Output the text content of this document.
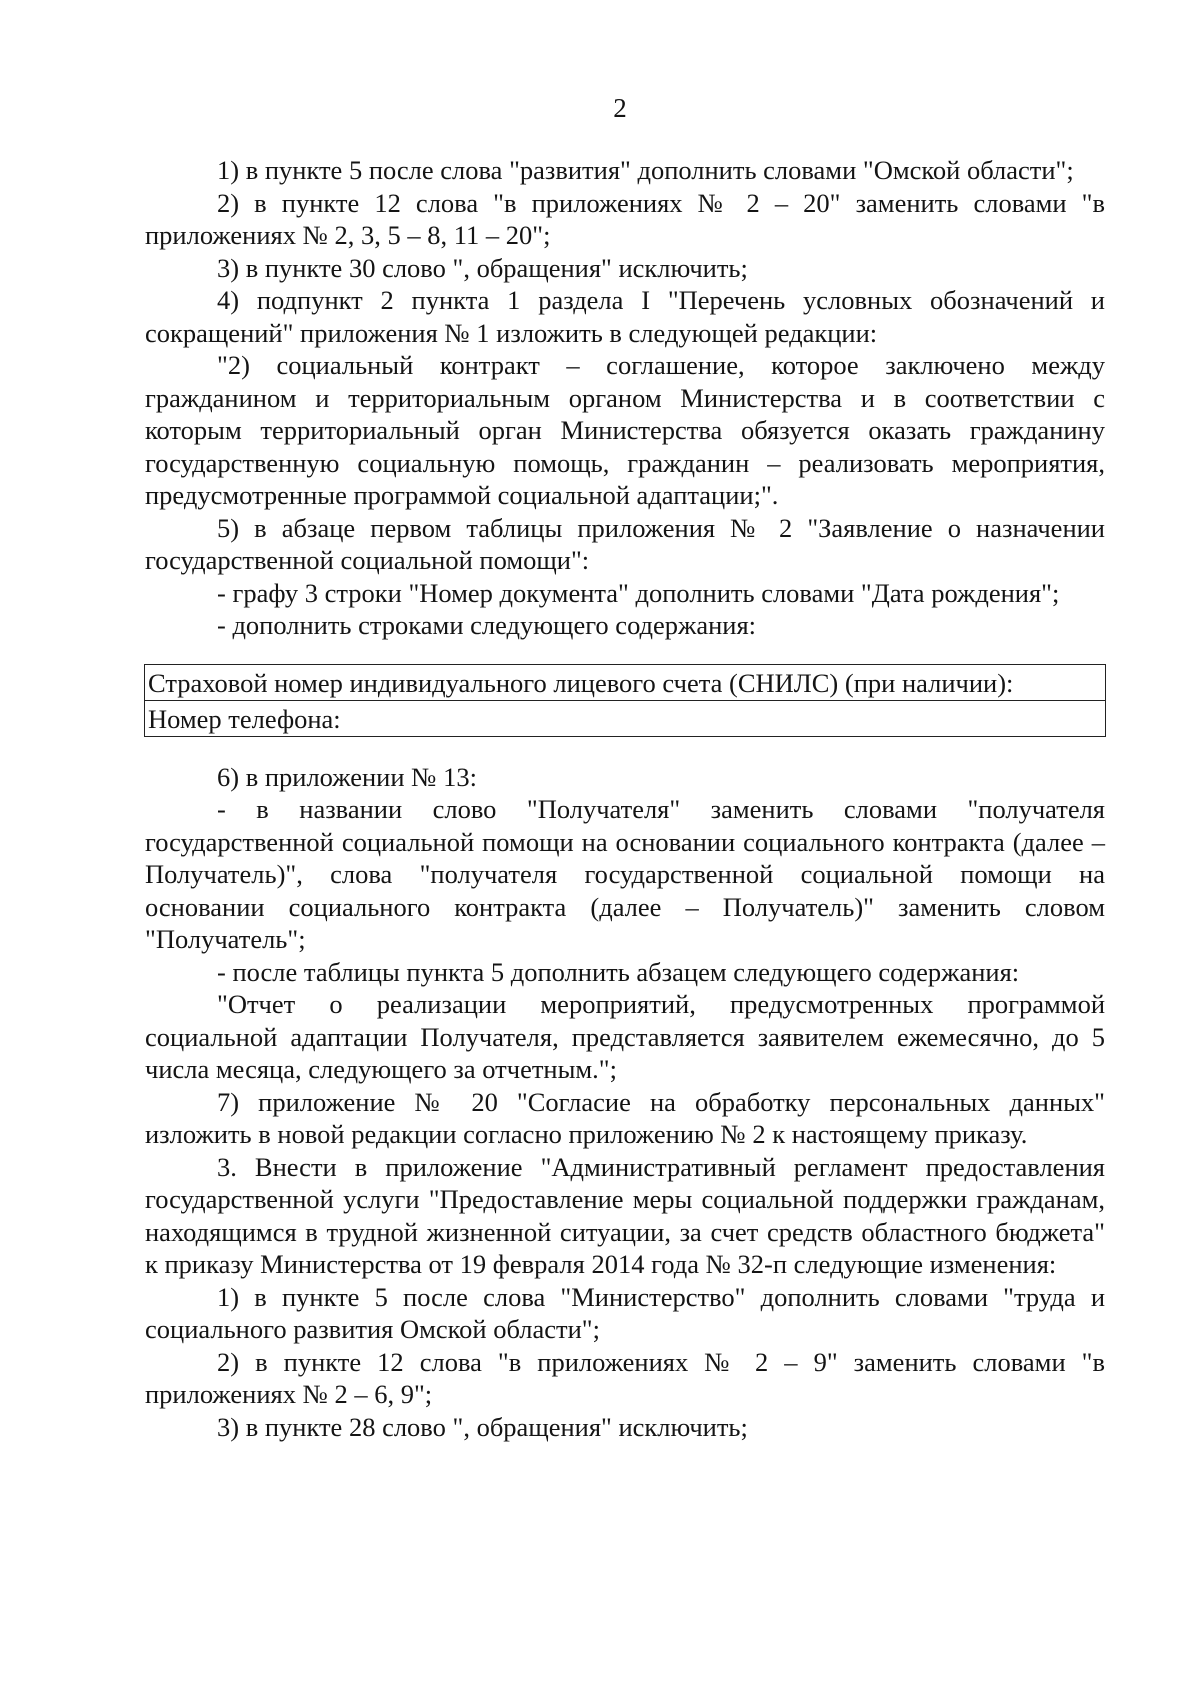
2

1) в пункте 5 после слова "развития" дополнить словами "Омской области";

2) в пункте 12 слова "в приложениях № 2 – 20" заменить словами "в приложениях № 2, 3, 5 – 8, 11 – 20";

3) в пункте 30 слово ", обращения" исключить;

4) подпункт 2 пункта 1 раздела I "Перечень условных обозначений и сокращений" приложения № 1 изложить в следующей редакции:

"2) социальный контракт – соглашение, которое заключено между гражданином и территориальным органом Министерства и в соответствии с которым территориальный орган Министерства обязуется оказать гражданину государственную социальную помощь, гражданин – реализовать мероприятия, предусмотренные программой социальной адаптации;".

5) в абзаце первом таблицы приложения № 2 "Заявление о назначении государственной социальной помощи":

- графу 3 строки "Номер документа" дополнить словами "Дата рождения";

- дополнить строками следующего содержания:

Страховой номер индивидуального лицевого счета (СНИЛС) (при наличии):
Номер телефона:

6) в приложении № 13:

- в названии слово "Получателя" заменить словами "получателя государственной социальной помощи на основании социального контракта (далее – Получатель)", слова "получателя государственной социальной помощи на основании социального контракта (далее – Получатель)" заменить словом "Получатель";

- после таблицы пункта 5 дополнить абзацем следующего содержания:

"Отчет о реализации мероприятий, предусмотренных программой социальной адаптации Получателя, представляется заявителем ежемесячно, до 5 числа месяца, следующего за отчетным.";

7) приложение № 20 "Согласие на обработку персональных данных" изложить в новой редакции согласно приложению № 2 к настоящему приказу.

3. Внести в приложение "Административный регламент предоставления государственной услуги "Предоставление меры социальной поддержки гражданам, находящимся в трудной жизненной ситуации, за счет средств областного бюджета" к приказу Министерства от 19 февраля 2014 года № 32-п следующие изменения:

1) в пункте 5 после слова "Министерство" дополнить словами "труда и социального развития Омской области";

2) в пункте 12 слова "в приложениях № 2 – 9" заменить словами "в приложениях № 2 – 6, 9";

3) в пункте 28 слово ", обращения" исключить;
